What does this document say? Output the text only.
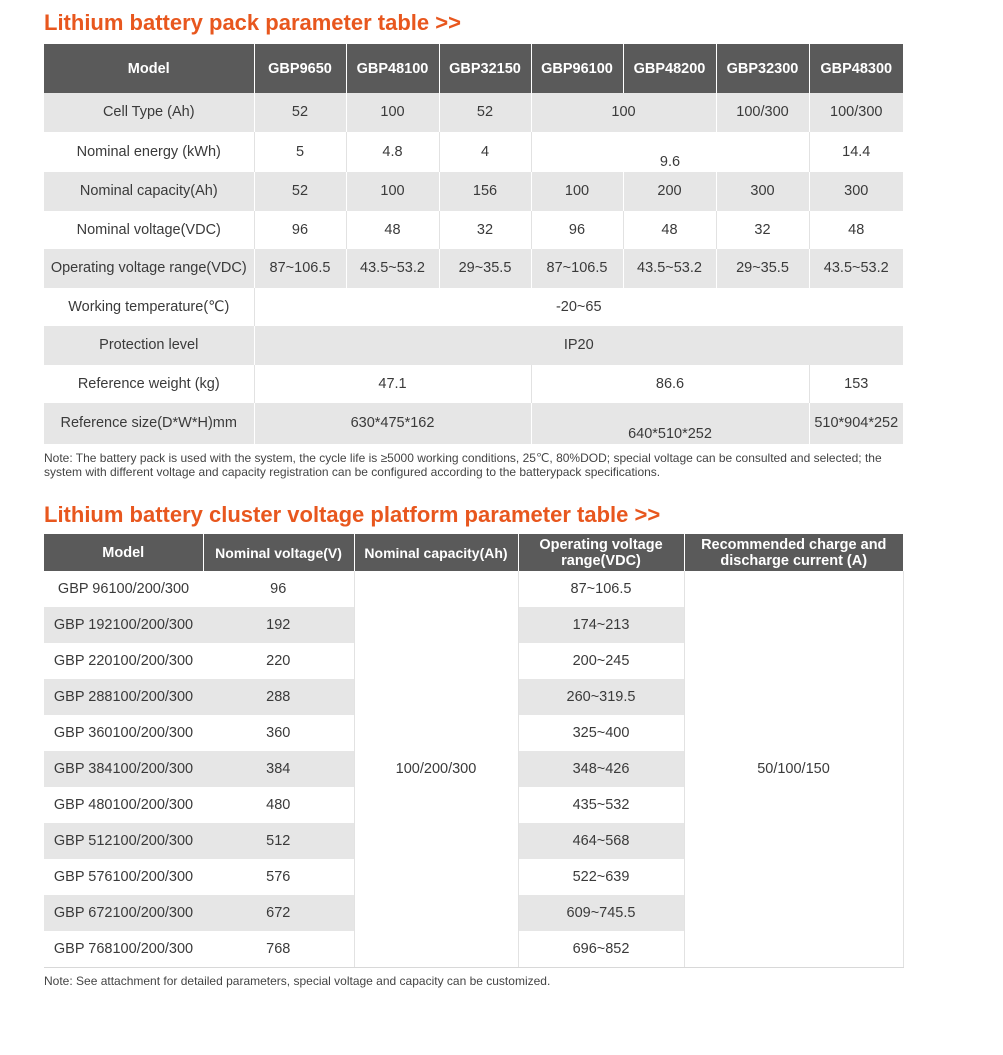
Lithium battery pack parameter table >>
Model	GBP9650	GBP48100	GBP32150	GBP96100	GBP48200	GBP32300	GBP48300
Cell Type (Ah)	52	100	52	100		100/300	100/300
Nominal energy (kWh)	5	4.8	4	9.6			14.4
Nominal capacity(Ah)	52	100	156	100	200	300	300
Nominal voltage(VDC)	96	48	32	96	48	32	48
Operating voltage range(VDC)	87~106.5	43.5~53.2	29~35.5	87~106.5	43.5~53.2	29~35.5	43.5~53.2
Working temperature(℃)	-20~65						
Protection level	IP20						
Reference weight (kg)	47.1			86.6			153
Reference size(D*W*H)mm	630*475*162			640*510*252			510*904*252
Note: The battery pack is used with the system, the cycle life is ≥5000 working conditions, 25℃, 80%DOD; special voltage can be consulted and selected; the system with different voltage and capacity registration can be configured according to the batterypack specifications.
Lithium battery cluster voltage platform parameter table >>
Model	Nominal voltage(V)	Nominal capacity(Ah)	Operating voltage range(VDC)	Recommended charge and discharge current (A)
GBP 96100/200/300	96	100/200/300	87~106.5	50/100/150
GBP 192100/200/300	192		174~213	
GBP 220100/200/300	220		200~245	
GBP 288100/200/300	288		260~319.5	
GBP 360100/200/300	360		325~400	
GBP 384100/200/300	384		348~426	
GBP 480100/200/300	480		435~532	
GBP 512100/200/300	512		464~568	
GBP 576100/200/300	576		522~639	
GBP 672100/200/300	672		609~745.5	
GBP 768100/200/300	768		696~852	
Note: See attachment for detailed parameters, special voltage and capacity can be customized.
